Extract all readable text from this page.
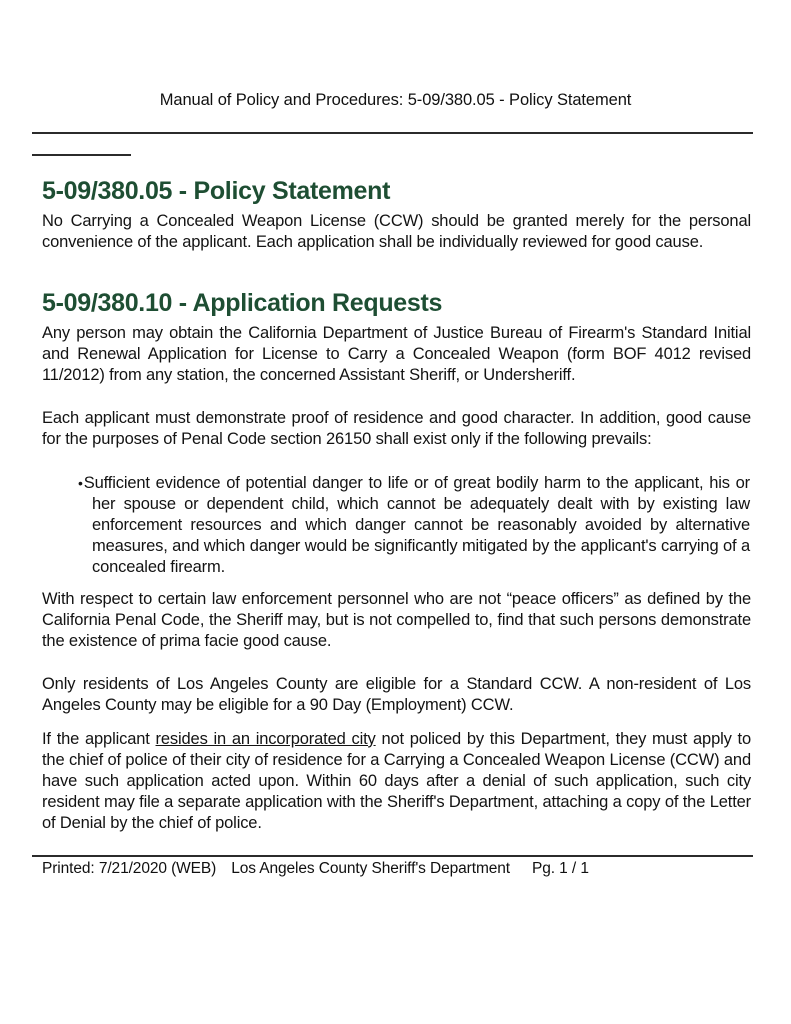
Manual of Policy and Procedures: 5-09/380.05 - Policy Statement
5-09/380.05 - Policy Statement

No Carrying a Concealed Weapon License (CCW) should be granted merely for the personal convenience of the applicant. Each application shall be individually reviewed for good cause.

5-09/380.10 - Application Requests

Any person may obtain the California Department of Justice Bureau of Firearm's Standard Initial and Renewal Application for License to Carry a Concealed Weapon (form BOF 4012 revised 11/2012) from any station, the concerned Assistant Sheriff, or Undersheriff.

Each applicant must demonstrate proof of residence and good character. In addition, good cause for the purposes of Penal Code section 26150 shall exist only if the following prevails:

• Sufficient evidence of potential danger to life or of great bodily harm to the applicant, his or her spouse or dependent child, which cannot be adequately dealt with by existing law enforcement resources and which danger cannot be reasonably avoided by alternative measures, and which danger would be significantly mitigated by the applicant's carrying of a concealed firearm.

With respect to certain law enforcement personnel who are not “peace officers” as defined by the California Penal Code, the Sheriff may, but is not compelled to, find that such persons demonstrate the existence of prima facie good cause.

Only residents of Los Angeles County are eligible for a Standard CCW. A non-resident of Los Angeles County may be eligible for a 90 Day (Employment) CCW.

If the applicant resides in an incorporated city not policed by this Department, they must apply to the chief of police of their city of residence for a Carrying a Concealed Weapon License (CCW) and have such application acted upon. Within 60 days after a denial of such application, such city resident may file a separate application with the Sheriff's Department, attaching a copy of the Letter of Denial by the chief of police.

Printed: 7/21/2020 (WEB) Los Angeles County Sheriff's Department Pg. 1 / 1
